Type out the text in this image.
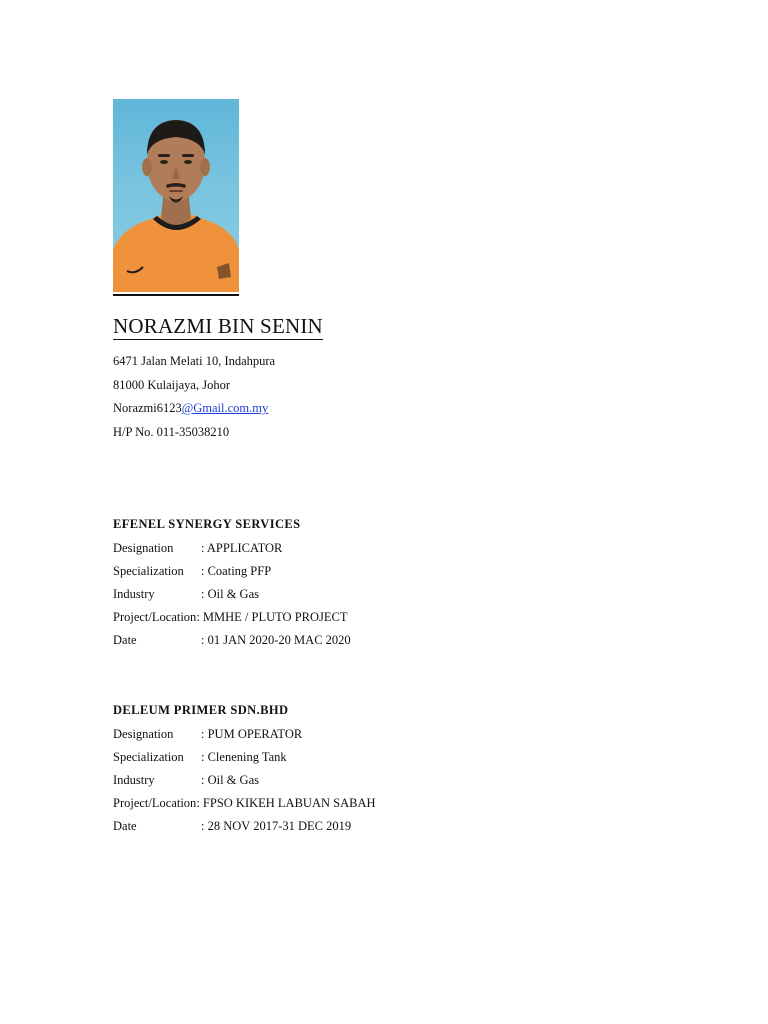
NORAZMI BIN SENIN
6471 Jalan Melati 10, Indahpura
81000 Kulaijaya, Johor
Norazmi6123@Gmail.com.my
H/P No. 011-35038210
EFENEL SYNERGY SERVICES
Designation : APPLICATOR
Specialization : Coating PFP
Industry	: Oil & Gas
Project/Location: MMHE / PLUTO PROJECT
Date	: 01 JAN 2020-20 MAC 2020
DELEUM PRIMER SDN.BHD
Designation : PUM OPERATOR
Specialization : Clenening Tank
Industry	: Oil & Gas
Project/Location: FPSO KIKEH LABUAN SABAH
Date	: 28 NOV 2017-31 DEC 2019
